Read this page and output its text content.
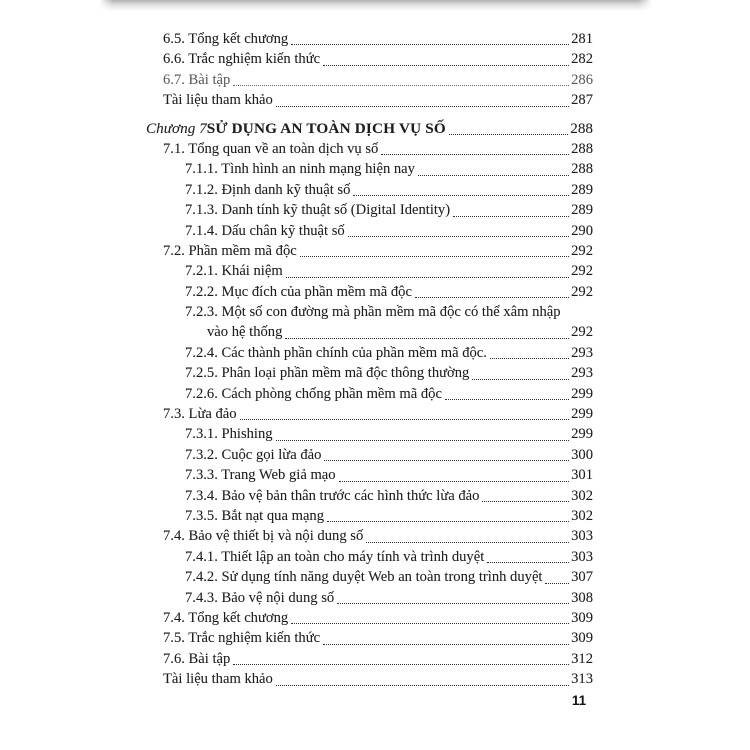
6.5. Tổng kết chương	281
6.6. Trắc nghiệm kiến thức	282
6.7. Bài tập	286
Tài liệu tham khảo	287
Chương 7 SỬ DỤNG AN TOÀN DỊCH VỤ SỐ	288
7.1. Tổng quan về an toàn dịch vụ số	288
7.1.1. Tình hình an ninh mạng hiện nay	288
7.1.2. Định danh kỹ thuật số	289
7.1.3. Danh tính kỹ thuật số (Digital Identity)	289
7.1.4. Dấu chân kỹ thuật số	290
7.2. Phần mềm mã độc	292
7.2.1. Khái niệm	292
7.2.2. Mục đích của phần mềm mã độc	292
7.2.3. Một số con đường mà phần mềm mã độc có thể xâm nhập
vào hệ thống	292
7.2.4. Các thành phần chính của phần mềm mã độc.	293
7.2.5. Phân loại phần mềm mã độc thông thường	293
7.2.6. Cách phòng chống phần mềm mã độc	299
7.3. Lừa đảo	299
7.3.1. Phishing	299
7.3.2. Cuộc gọi lừa đảo	300
7.3.3. Trang Web giả mạo	301
7.3.4. Bảo vệ bản thân trước các hình thức lừa đảo	302
7.3.5. Bắt nạt qua mạng	302
7.4. Bảo vệ thiết bị và nội dung số	303
7.4.1. Thiết lập an toàn cho máy tính và trình duyệt	303
7.4.2. Sử dụng tính năng duyệt Web an toàn trong trình duyệt 307
7.4.3. Bảo vệ nội dung số	308
7.4. Tổng kết chương	309
7.5. Trắc nghiệm kiến thức	309
7.6. Bài tập	312
Tài liệu tham khảo	313
11
